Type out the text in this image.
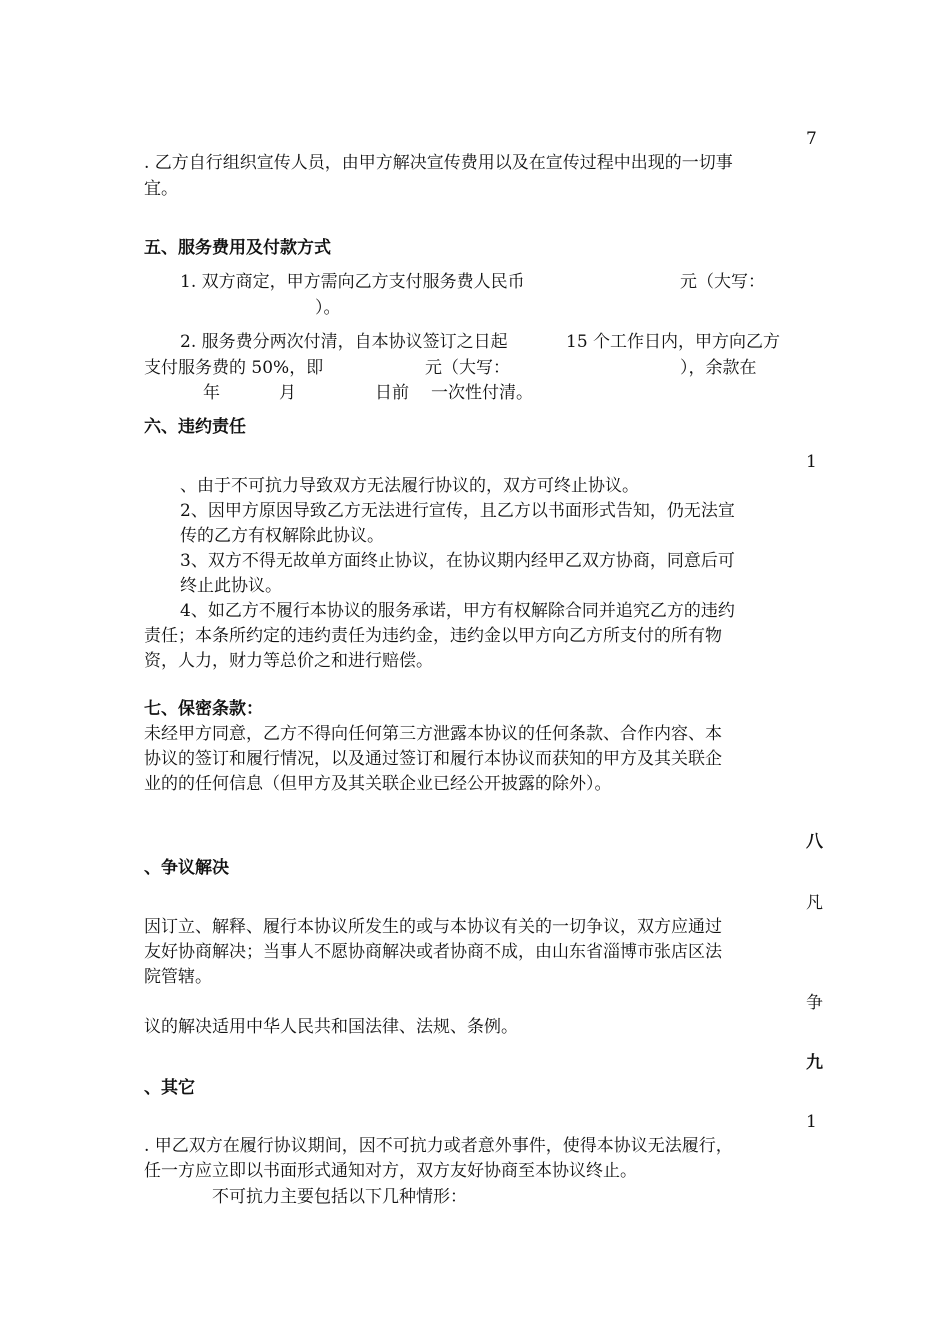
7
. 乙方自行组织宣传人员，由甲方解决宣传费用以及在宣传过程中出现的一切事
宜。
五、服务费用及付款方式
1. 双方商定，甲方需向乙方支付服务费人民币	元（大写：
）。
2. 服务费分两次付清，自本协议签订之日起	15 个工作日内，甲方向乙方
支付服务费的 50%，即	元（大写：	），余款在
年	月	日前 一次性付清。
六、违约责任
1
、由于不可抗力导致双方无法履行协议的，双方可终止协议。
2、因甲方原因导致乙方无法进行宣传，且乙方以书面形式告知，仍无法宣
传的乙方有权解除此协议。
3、双方不得无故单方面终止协议，在协议期内经甲乙双方协商，同意后可
终止此协议。
4、如乙方不履行本协议的服务承诺，甲方有权解除合同并追究乙方的违约
责任；本条所约定的违约责任为违约金，违约金以甲方向乙方所支付的所有物
资，人力，财力等总价之和进行赔偿。
七、保密条款：
未经甲方同意，乙方不得向任何第三方泄露本协议的任何条款、合作内容、本
协议的签订和履行情况，以及通过签订和履行本协议而获知的甲方及其关联企
业的的任何信息（但甲方及其关联企业已经公开披露的除外）。
八
、争议解决
凡
因订立、解释、履行本协议所发生的或与本协议有关的一切争议，双方应通过
友好协商解决；当事人不愿协商解决或者协商不成，由山东省淄博市张店区法
院管辖。
争
议的解决适用中华人民共和国法律、法规、条例。
九
、其它
1
. 甲乙双方在履行协议期间，因不可抗力或者意外事件，使得本协议无法履行，
任一方应立即以书面形式通知对方，双方友好协商至本协议终止。
不可抗力主要包括以下几种情形：
